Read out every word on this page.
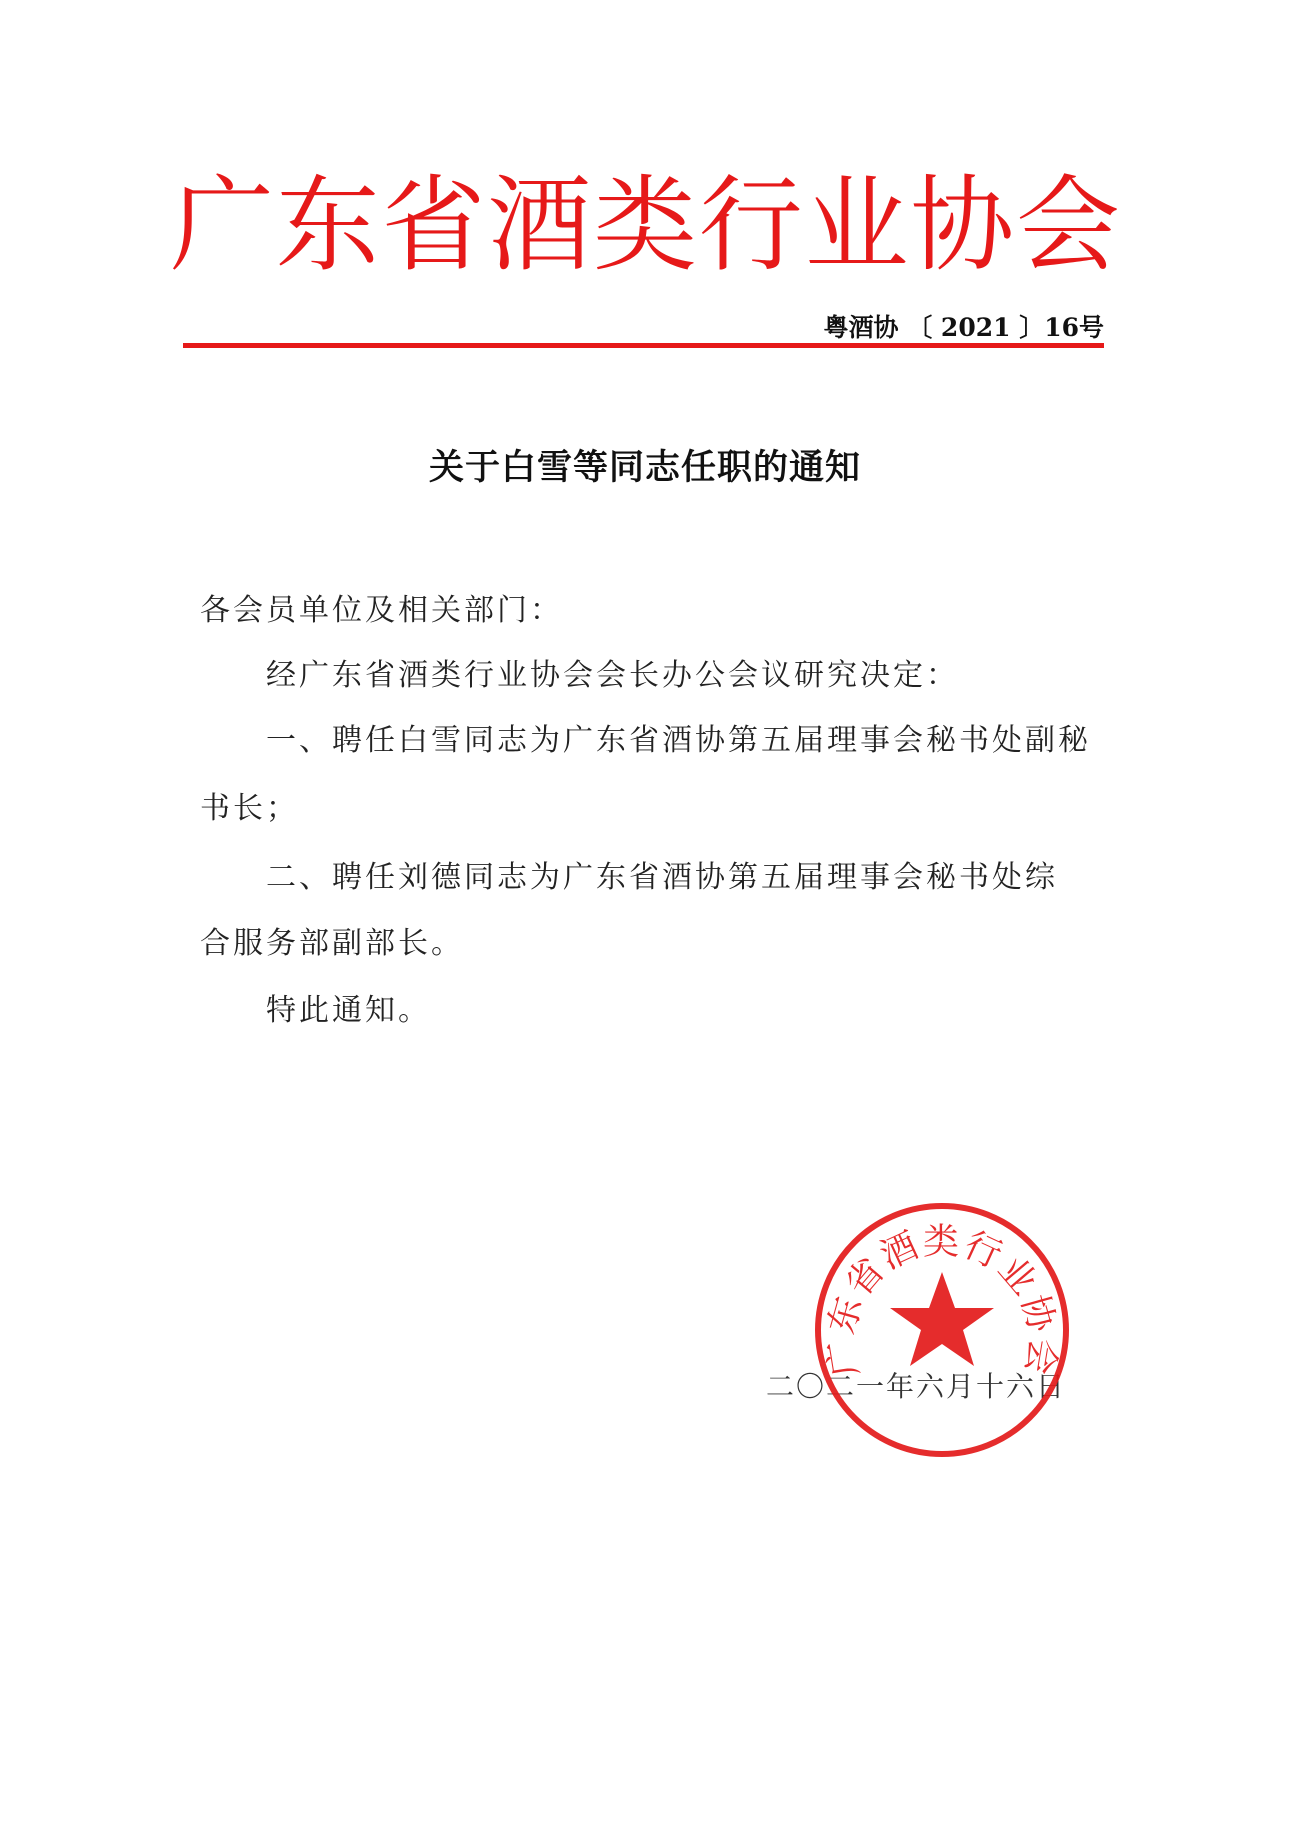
广东省酒类行业协会
粤酒协 〔 2021 〕16号
关于白雪等同志任职的通知
各会员单位及相关部门：
经广东省酒类行业协会会长办公会议研究决定：
一、聘任白雪同志为广东省酒协第五届理事会秘书处副秘
书长；
二、聘任刘德同志为广东省酒协第五届理事会秘书处综
合服务部副部长。
特此通知。
二〇二一年六月十六日
广东省酒类行业协会
